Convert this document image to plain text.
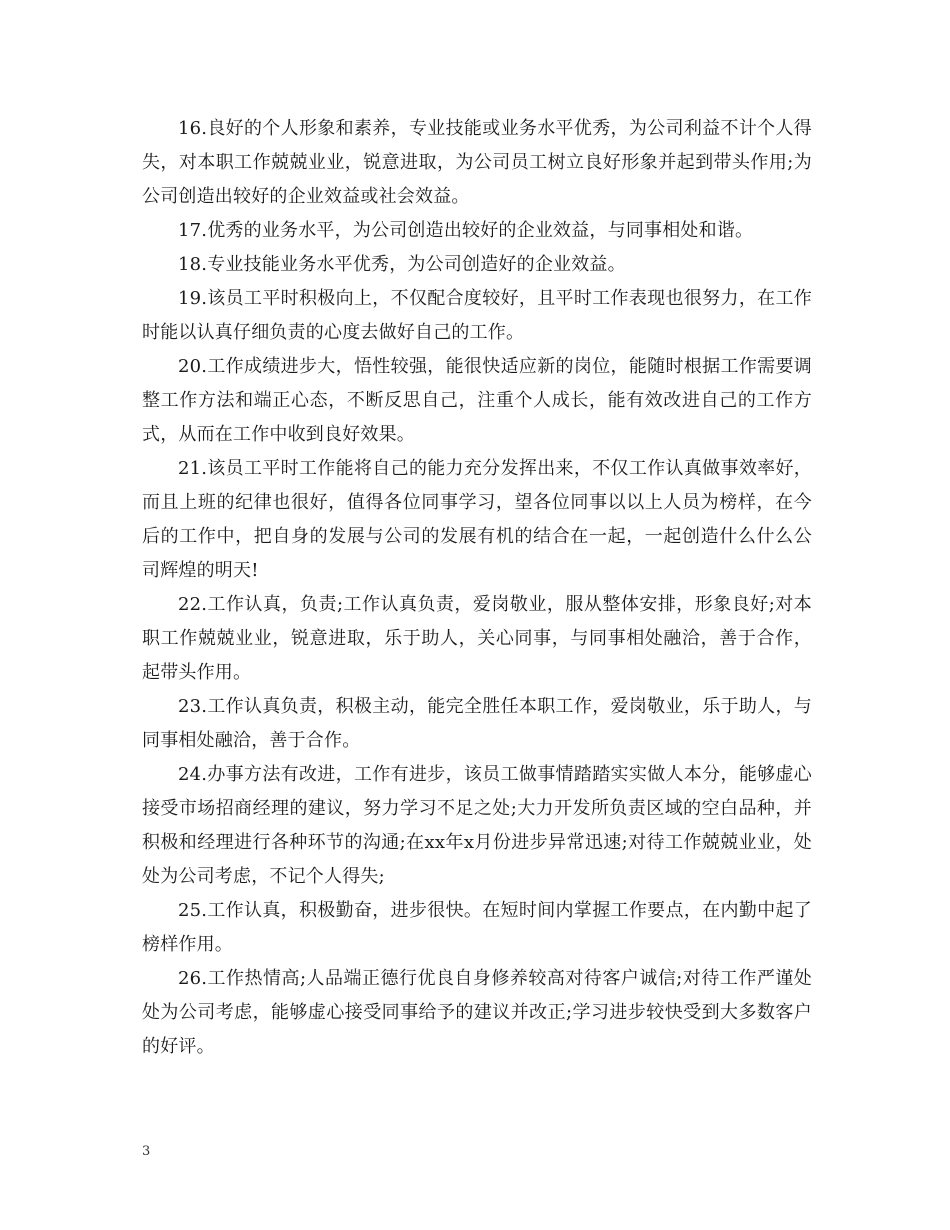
16.良好的个人形象和素养，专业技能或业务水平优秀，为公司利益不计个人得失，对本职工作兢兢业业，锐意进取，为公司员工树立良好形象并起到带头作用;为公司创造出较好的企业效益或社会效益。

17.优秀的业务水平，为公司创造出较好的企业效益，与同事相处和谐。

18.专业技能业务水平优秀，为公司创造好的企业效益。

19.该员工平时积极向上，不仅配合度较好，且平时工作表现也很努力，在工作时能以认真仔细负责的心度去做好自己的工作。

20.工作成绩进步大，悟性较强，能很快适应新的岗位，能随时根据工作需要调整工作方法和端正心态，不断反思自己，注重个人成长，能有效改进自己的工作方式，从而在工作中收到良好效果。

21.该员工平时工作能将自己的能力充分发挥出来，不仅工作认真做事效率好，而且上班的纪律也很好，值得各位同事学习，望各位同事以以上人员为榜样，在今后的工作中，把自身的发展与公司的发展有机的结合在一起，一起创造什么什么公司辉煌的明天!

22.工作认真，负责;工作认真负责，爱岗敬业，服从整体安排，形象良好;对本职工作兢兢业业，锐意进取，乐于助人，关心同事，与同事相处融洽，善于合作，起带头作用。

23.工作认真负责，积极主动，能完全胜任本职工作，爱岗敬业，乐于助人，与同事相处融洽，善于合作。

24.办事方法有改进，工作有进步，该员工做事情踏踏实实做人本分，能够虚心接受市场招商经理的建议，努力学习不足之处;大力开发所负责区域的空白品种，并积极和经理进行各种环节的沟通;在xx年x月份进步异常迅速;对待工作兢兢业业，处处为公司考虑，不记个人得失;

25.工作认真，积极勤奋，进步很快。在短时间内掌握工作要点，在内勤中起了榜样作用。

26.工作热情高;人品端正德行优良自身修养较高对待客户诚信;对待工作严谨处处为公司考虑，能够虚心接受同事给予的建议并改正;学习进步较快受到大多数客户的好评。

3
